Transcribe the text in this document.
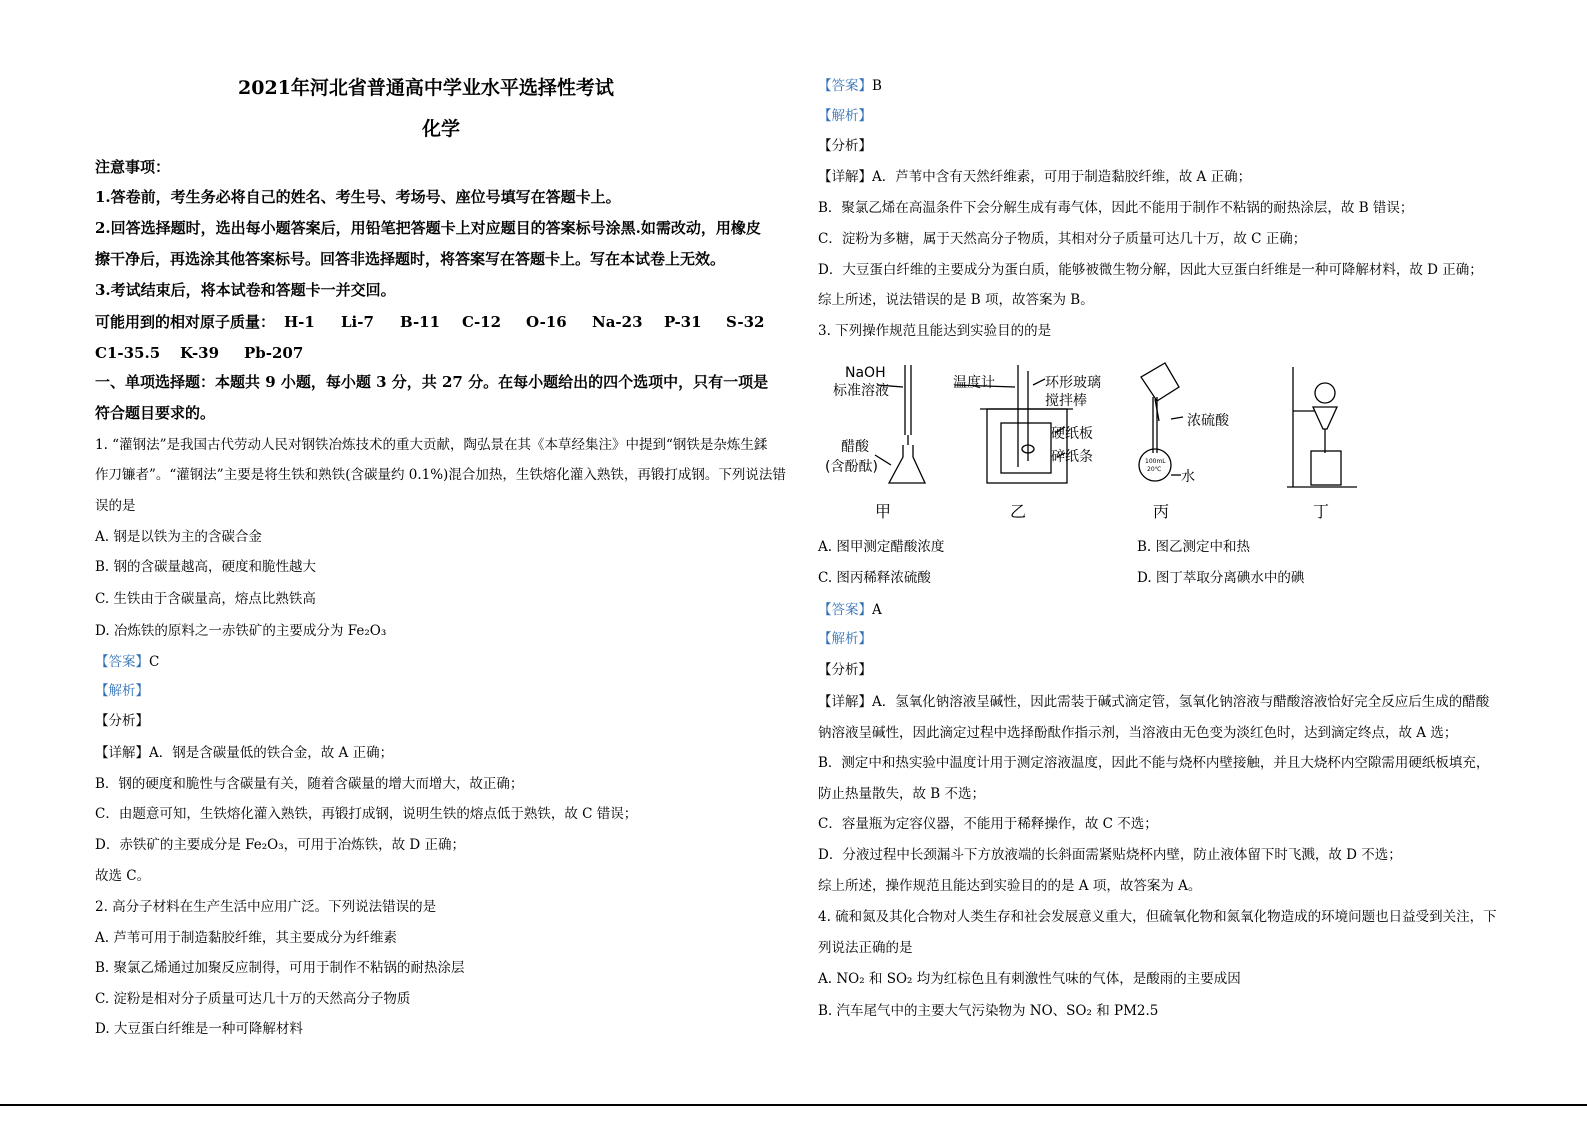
2021年河北省普通高中学业水平选择性考试
化学
注意事项：
1.答卷前，考生务必将自己的姓名、考生号、考场号、座位号填写在答题卡上。
2.回答选择题时，选出每小题答案后，用铅笔把答题卡上对应题目的答案标号涂黑.如需改动，用橡皮
擦干净后，再选涂其他答案标号。回答非选择题时，将答案写在答题卡上。写在本试卷上无效。
3.考试结束后，将本试卷和答题卡一并交回。
可能用到的相对原子质量： H-1 Li-7 B-11 C-12 O-16 Na-23 P-31 S-32
C1-35.5 K-39 Pb-207
一、单项选择题：本题共 9 小题，每小题 3 分，共 27 分。在每小题给出的四个选项中，只有一项是
符合题目要求的。
1. “灌钢法”是我国古代劳动人民对钢铁冶炼技术的重大贡献，陶弘景在其《本草经集注》中提到“钢铁是杂炼生鍒
作刀镰者”。“灌钢法”主要是将生铁和熟铁(含碳量约 0.1%)混合加热，生铁熔化灌入熟铁，再锻打成钢。下列说法错
误的是
A. 钢是以铁为主的含碳合金
B. 钢的含碳量越高，硬度和脆性越大
C. 生铁由于含碳量高，熔点比熟铁高
D. 冶炼铁的原料之一赤铁矿的主要成分为 Fe₂O₃
【答案】C
【解析】
【分析】
【详解】A．钢是含碳量低的铁合金，故 A 正确；
B．钢的硬度和脆性与含碳量有关，随着含碳量的增大而增大，故正确；
C．由题意可知，生铁熔化灌入熟铁，再锻打成钢，说明生铁的熔点低于熟铁，故 C 错误；
D．赤铁矿的主要成分是 Fe₂O₃，可用于冶炼铁，故 D 正确；
故选 C。
2. 高分子材料在生产生活中应用广泛。下列说法错误的是
A. 芦苇可用于制造黏胶纤维，其主要成分为纤维素
B. 聚氯乙烯通过加聚反应制得，可用于制作不粘锅的耐热涂层
C. 淀粉是相对分子质量可达几十万的天然高分子物质
D. 大豆蛋白纤维是一种可降解材料
【答案】B
【解析】
【分析】
【详解】A．芦苇中含有天然纤维素，可用于制造黏胶纤维，故 A 正确；
B．聚氯乙烯在高温条件下会分解生成有毒气体，因此不能用于制作不粘锅的耐热涂层，故 B 错误；
C．淀粉为多糖，属于天然高分子物质，其相对分子质量可达几十万，故 C 正确；
D．大豆蛋白纤维的主要成分为蛋白质，能够被微生物分解，因此大豆蛋白纤维是一种可降解材料，故 D 正确；
综上所述，说法错误的是 B 项，故答案为 B。
3. 下列操作规范且能达到实验目的的是
NaOH
标准溶液
醋酸
(含酚酞)
温度计	环形玻璃
搅拌棒
硬纸板
碎纸条
浓硫酸
水
100mL
20℃
甲	乙	丙	丁
A. 图甲测定醋酸浓度	B. 图乙测定中和热
C. 图丙稀释浓硫酸	D. 图丁萃取分离碘水中的碘
【答案】A
【解析】
【分析】
【详解】A．氢氧化钠溶液呈碱性，因此需装于碱式滴定管，氢氧化钠溶液与醋酸溶液恰好完全反应后生成的醋酸
钠溶液呈碱性，因此滴定过程中选择酚酞作指示剂，当溶液由无色变为淡红色时，达到滴定终点，故 A 选；
B．测定中和热实验中温度计用于测定溶液温度，因此不能与烧杯内壁接触，并且大烧杯内空隙需用硬纸板填充，
防止热量散失，故 B 不选；
C．容量瓶为定容仪器，不能用于稀释操作，故 C 不选；
D．分液过程中长颈漏斗下方放液端的长斜面需紧贴烧杯内壁，防止液体留下时飞溅，故 D 不选；
综上所述，操作规范且能达到实验目的的是 A 项，故答案为 A。
4. 硫和氮及其化合物对人类生存和社会发展意义重大，但硫氧化物和氮氧化物造成的环境问题也日益受到关注，下
列说法正确的是
A. NO₂ 和 SO₂ 均为红棕色且有刺激性气味的气体，是酸雨的主要成因
B. 汽车尾气中的主要大气污染物为 NO、SO₂ 和 PM2.5
